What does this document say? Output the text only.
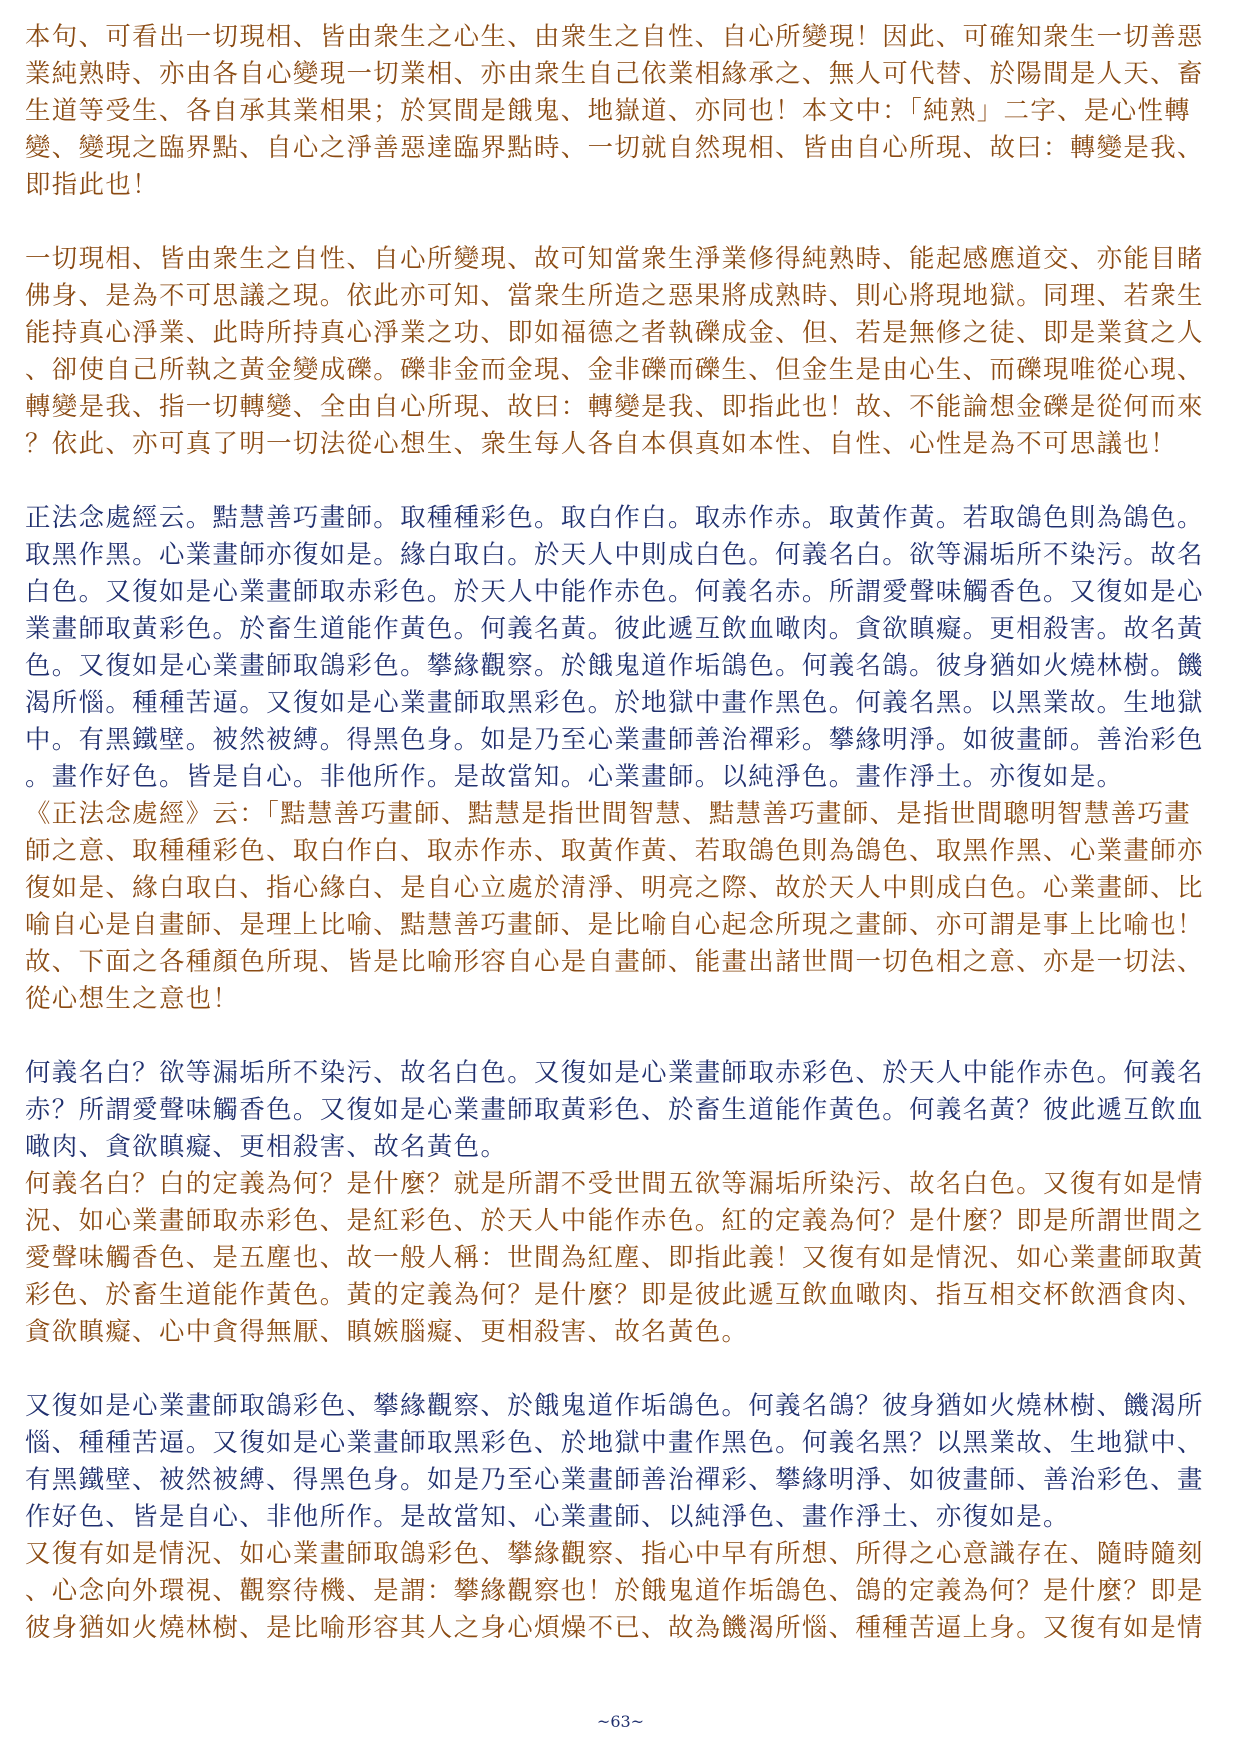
本句、可看出一切現相、皆由衆生之心生、由衆生之自性、自心所變現！因此、可確知衆生一切善惡
業純熟時、亦由各自心變現一切業相、亦由衆生自己依業相緣承之、無人可代替、於陽間是人天、畜
生道等受生、各自承其業相果；於冥間是餓鬼、地嶽道、亦同也！本文中：「純熟」二字、是心性轉
變、變現之臨界點、自心之淨善惡達臨界點時、一切就自然現相、皆由自心所現、故曰：轉變是我、
即指此也！
一切現相、皆由衆生之自性、自心所變現、故可知當衆生淨業修得純熟時、能起感應道交、亦能目睹
佛身、是為不可思議之現。依此亦可知、當衆生所造之惡果將成熟時、則心將現地獄。同理、若衆生
能持真心淨業、此時所持真心淨業之功、即如福德之者執礫成金、但、若是無修之徒、即是業貧之人
、卻使自己所執之黃金變成礫。礫非金而金現、金非礫而礫生、但金生是由心生、而礫現唯從心現、
轉變是我、指一切轉變、全由自心所現、故曰：轉變是我、即指此也！故、不能論想金礫是從何而來
？依此、亦可真了明一切法從心想生、衆生每人各自本俱真如本性、自性、心性是為不可思議也！
正法念處經云。黠慧善巧畫師。取種種彩色。取白作白。取赤作赤。取黃作黃。若取鴿色則為鴿色。
取黑作黑。心業畫師亦復如是。緣白取白。於天人中則成白色。何義名白。欲等漏垢所不染污。故名
白色。又復如是心業畫師取赤彩色。於天人中能作赤色。何義名赤。所謂愛聲味觸香色。又復如是心
業畫師取黃彩色。於畜生道能作黃色。何義名黃。彼此遞互飲血噉肉。貪欲瞋癡。更相殺害。故名黃
色。又復如是心業畫師取鴿彩色。攀緣觀察。於餓鬼道作垢鴿色。何義名鴿。彼身猶如火燒林樹。饑
渴所惱。種種苦逼。又復如是心業畫師取黑彩色。於地獄中畫作黑色。何義名黑。以黑業故。生地獄
中。有黑鐵壁。被然被縛。得黑色身。如是乃至心業畫師善治禪彩。攀緣明淨。如彼畫師。善治彩色
。畫作好色。皆是自心。非他所作。是故當知。心業畫師。以純淨色。畫作淨土。亦復如是。
《正法念處經》云：「黠慧善巧畫師、黠慧是指世間智慧、黠慧善巧畫師、是指世間聰明智慧善巧畫
師之意、取種種彩色、取白作白、取赤作赤、取黃作黃、若取鴿色則為鴿色、取黑作黑、心業畫師亦
復如是、緣白取白、指心緣白、是自心立處於清淨、明亮之際、故於天人中則成白色。心業畫師、比
喻自心是自畫師、是理上比喻、黠慧善巧畫師、是比喻自心起念所現之畫師、亦可謂是事上比喻也！
故、下面之各種顏色所現、皆是比喻形容自心是自畫師、能畫出諸世間一切色相之意、亦是一切法、
從心想生之意也！
何義名白？欲等漏垢所不染污、故名白色。又復如是心業畫師取赤彩色、於天人中能作赤色。何義名
赤？所謂愛聲味觸香色。又復如是心業畫師取黃彩色、於畜生道能作黃色。何義名黃？彼此遞互飲血
噉肉、貪欲瞋癡、更相殺害、故名黃色。
何義名白？白的定義為何？是什麼？就是所謂不受世間五欲等漏垢所染污、故名白色。又復有如是情
況、如心業畫師取赤彩色、是紅彩色、於天人中能作赤色。紅的定義為何？是什麼？即是所謂世間之
愛聲味觸香色、是五塵也、故一般人稱：世間為紅塵、即指此義！又復有如是情況、如心業畫師取黃
彩色、於畜生道能作黃色。黃的定義為何？是什麼？即是彼此遞互飲血噉肉、指互相交杯飲酒食肉、
貪欲瞋癡、心中貪得無厭、瞋嫉腦癡、更相殺害、故名黃色。
又復如是心業畫師取鴿彩色、攀緣觀察、於餓鬼道作垢鴿色。何義名鴿？彼身猶如火燒林樹、饑渴所
惱、種種苦逼。又復如是心業畫師取黑彩色、於地獄中畫作黑色。何義名黑？以黑業故、生地獄中、
有黑鐵壁、被然被縛、得黑色身。如是乃至心業畫師善治禪彩、攀緣明淨、如彼畫師、善治彩色、畫
作好色、皆是自心、非他所作。是故當知、心業畫師、以純淨色、畫作淨土、亦復如是。
又復有如是情況、如心業畫師取鴿彩色、攀緣觀察、指心中早有所想、所得之心意識存在、隨時隨刻
、心念向外環視、觀察待機、是謂：攀緣觀察也！於餓鬼道作垢鴿色、鴿的定義為何？是什麼？即是
彼身猶如火燒林樹、是比喻形容其人之身心煩燥不已、故為饑渴所惱、種種苦逼上身。又復有如是情
~63~
